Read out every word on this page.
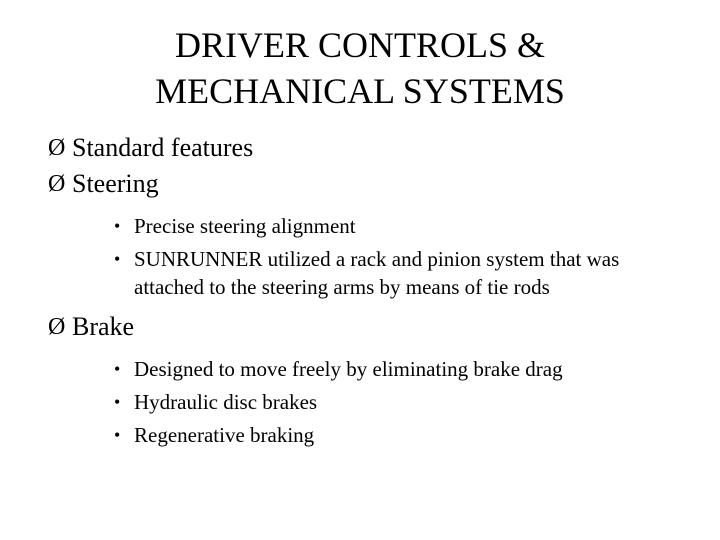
DRIVER CONTROLS &
MECHANICAL SYSTEMS
Ø Standard features
Ø Steering
• Precise steering alignment
• SUNRUNNER utilized a rack and pinion system that was attached to the steering arms by means of tie rods
Ø Brake
• Designed to move freely by eliminating brake drag
• Hydraulic disc brakes
• Regenerative braking
